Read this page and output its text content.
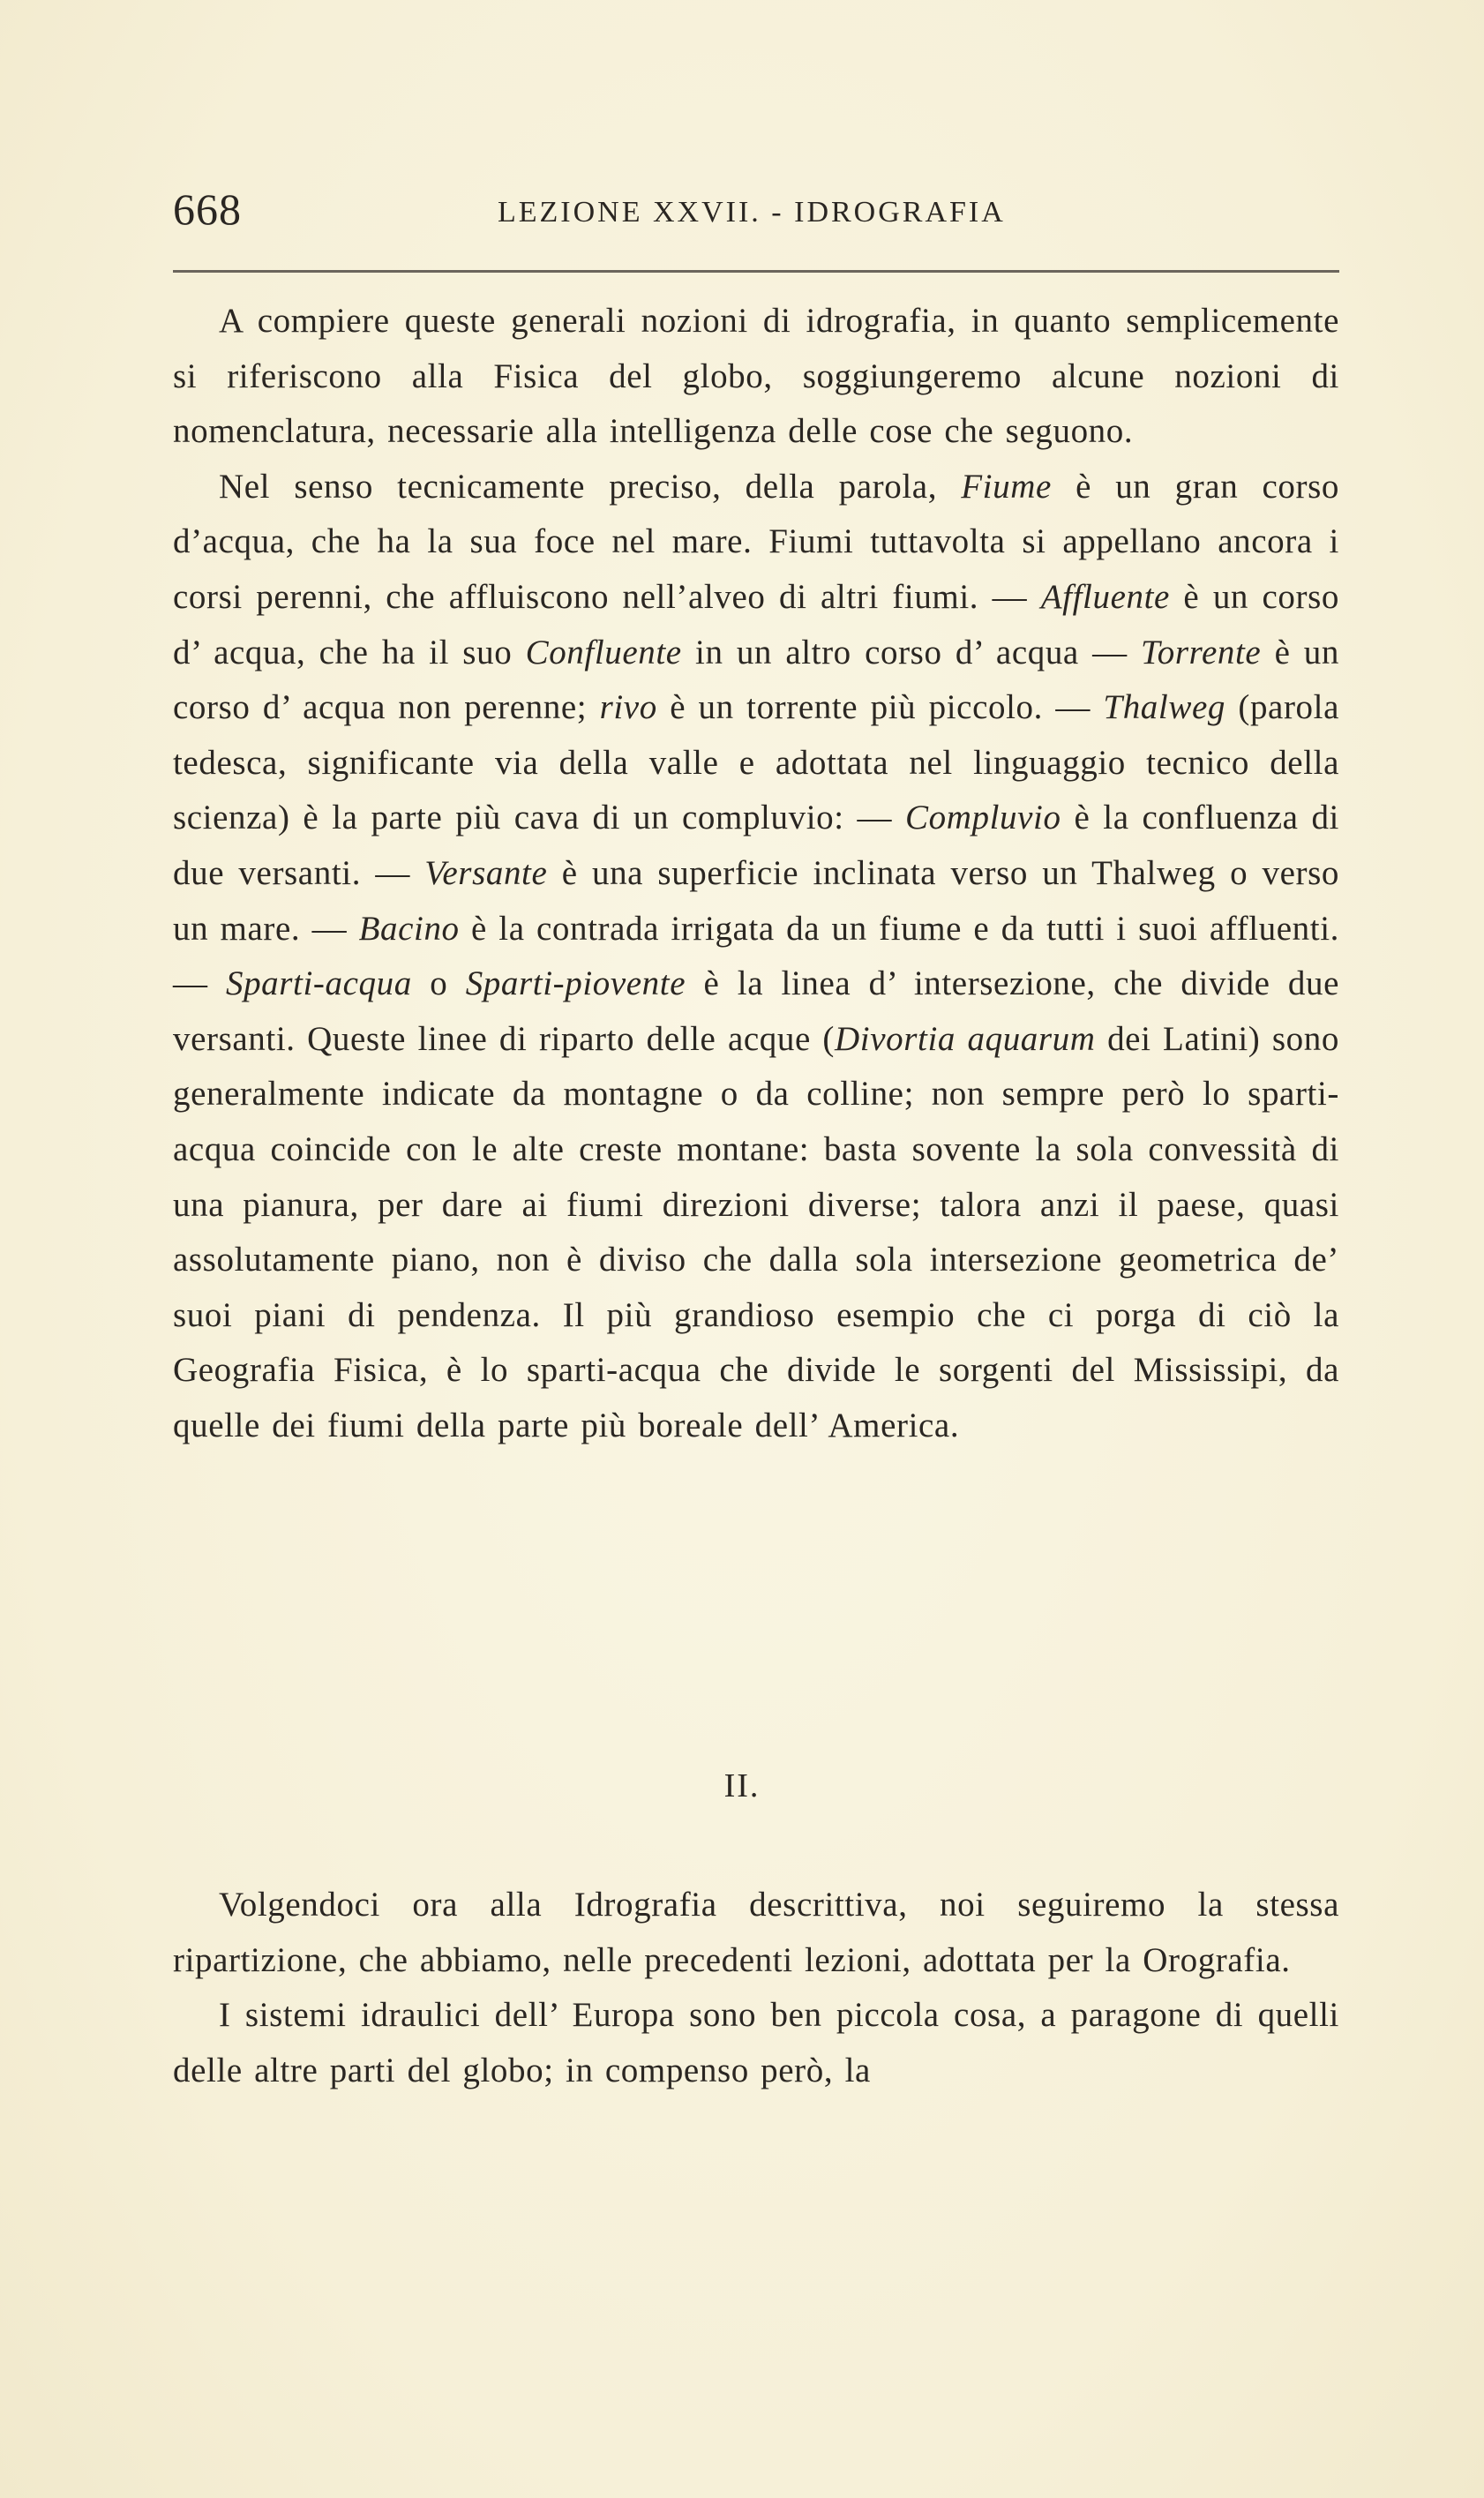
668	LEZIONE XXVII. - IDROGRAFIA

A compiere queste generali nozioni di idrografia, in quanto semplicemente si riferiscono alla Fisica del globo, soggiungeremo alcune nozioni di nomenclatura, necessarie alla intelligenza delle cose che seguono.

Nel senso tecnicamente preciso, della parola, Fiume è un gran corso d’acqua, che ha la sua foce nel mare. Fiumi tuttavolta si appellano ancora i corsi perenni, che affluiscono nell’alveo di altri fiumi. — Affluente è un corso d’ acqua, che ha il suo Confluente in un altro corso d’ acqua — Torrente è un corso d’ acqua non perenne; rivo è un torrente più piccolo. — Thalweg (parola tedesca, significante via della valle e adottata nel linguaggio tecnico della scienza) è la parte più cava di un compluvio: — Compluvio è la confluenza di due versanti. — Versante è una superficie inclinata verso un Thalweg o verso un mare. — Bacino è la contrada irrigata da un fiume e da tutti i suoi affluenti. — Sparti-acqua o Sparti-piovente è la linea d’ intersezione, che divide due versanti. Queste linee di riparto delle acque (Divortia aquarum dei Latini) sono generalmente indicate da montagne o da colline; non sempre però lo sparti-acqua coincide con le alte creste montane: basta sovente la sola convessità di una pianura, per dare ai fiumi direzioni diverse; talora anzi il paese, quasi assolutamente piano, non è diviso che dalla sola intersezione geometrica de’ suoi piani di pendenza. Il più grandioso esempio che ci porga di ciò la Geografia Fisica, è lo sparti-acqua che divide le sorgenti del Mississipi, da quelle dei fiumi della parte più boreale dell’ America.

II.

Volgendoci ora alla Idrografia descrittiva, noi seguiremo la stessa ripartizione, che abbiamo, nelle precedenti lezioni, adottata per la Orografia.

I sistemi idraulici dell’ Europa sono ben piccola cosa, a paragone di quelli delle altre parti del globo; in compenso però, la
